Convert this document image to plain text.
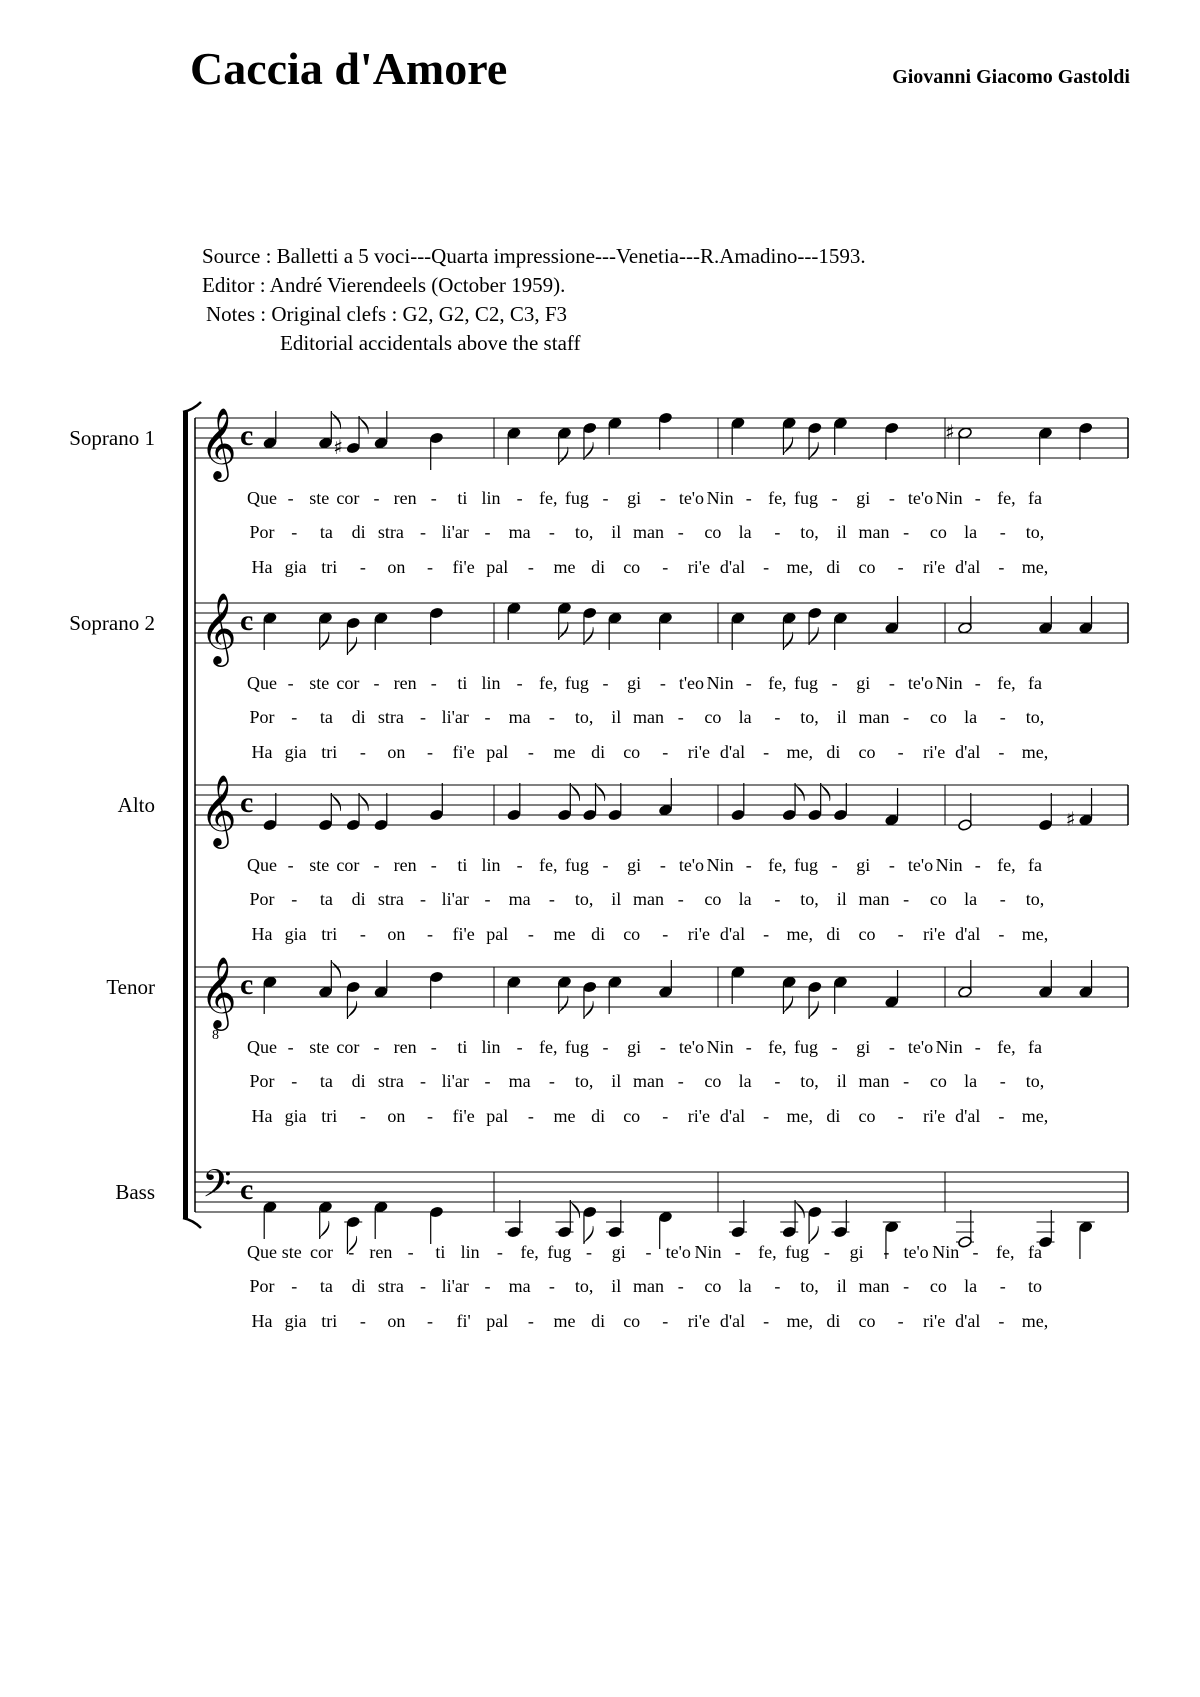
Caccia d'Amore	Giovanni Giacomo Gastoldi
Source : Balletti a 5 voci---Quarta impressione---Venetia---R.Amadino---1593.
Editor : André Vierendeels (October 1959).
Notes : Original clefs : G2, G2, C2, C3, F3
Editorial accidentals above the staff
Soprano 1 𝄞 c	♯
♯
Que - ste cor - ren - ti lin - fe, fug - gi - te'o Nin - fe, fug - gi - te'o Nin - fe, fa
Por - ta di stra - li'ar - ma - to, il man - co la - to, il man - co la - to,
Ha gia tri - on - fi'e pal - me di co - ri'e d'al - me, di co - ri'e d'al - me,
Soprano 2 𝄞 c
Que - ste cor - ren - ti lin - fe, fug - gi - t'eo Nin - fe, fug - gi - te'o Nin - fe, fa
Por - ta di stra - li'ar - ma - to, il man - co la - to, il man - co la - to,
Ha gia tri - on - fi'e pal - me di co - ri'e d'al - me, di co - ri'e d'al - me,
Alto 𝄞 c	♯
Que - ste cor - ren - ti lin - fe, fug - gi - te'o Nin - fe, fug - gi - te'o Nin - fe, fa
Por - ta di stra - li'ar - ma - to, il man - co la - to, il man - co la - to,
Ha gia tri - on - fi'e pal - me di co - ri'e d'al - me, di co - ri'e d'al - me,
Tenor 𝄞
8
c
Que - ste cor - ren - ti lin - fe, fug - gi - te'o Nin - fe, fug - gi - te'o Nin - fe, fa
Por - ta di stra - li'ar - ma - to, il man - co la - to, il man - co la - to,
Ha gia tri - on - fi'e pal - me di co - ri'e d'al - me, di co - ri'e d'al - me,
Bass 𝄢 c
Que ste cor - ren - ti lin - fe, fug - gi - te'o Nin - fe, fug - gi - te'o Nin - fe, fa
Por - ta di stra - li'ar - ma - to, il man - co la - to, il man - co la - to
Ha gia tri - on - fi' pal - me di co - ri'e d'al - me, di co - ri'e d'al - me,
